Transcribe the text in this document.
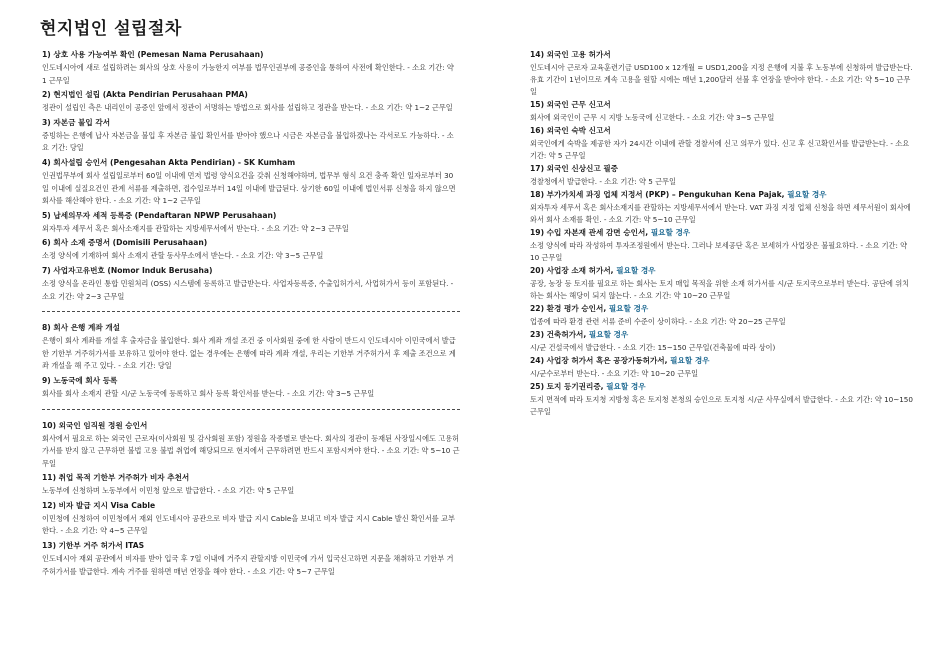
현지법인 설립절차
1) 상호 사용 가능여부 확인 (Pemesan Nama Perusahaan)

인도네시아에 새로 설립하려는 회사의 상호 사용이 가능한지 여부를 법무인권부에 공증인을 통하여 사전에 확인한다. - 소요 기간: 약 1 근무일

2) 현지법인 설립 (Akta Pendirian Perusahaan PMA)

정관이 설립인 측은 내리인이 공증인 앞에서 정관이 서명하는 방법으로 회사를 설립하고 정관을 받는다. - 소요 기간: 약 1~2 근무일

3) 자본금 불입 각서

증빙하는 은행에 납사 자본금을 불입 후 자본금 불입 확인서를 받아야 했으나 시금은 자본금을 불입하겠나는 각서로도 가능하다. - 소요 기간: 당일

4) 회사설립 승인서 (Pengesahan Akta Pendirian) - SK Kumham

인권법무부에 회사 설립일로부터 60일 이내에 먼저 법령 양식요건을 갖춰 신청해야하며, 법무부 형식 요건 충족 확인 일자로부터 30일 이내에 실질요건인 관계 서류를 제출하면, 접수일로부터 14일 이내에 발급된다. 상기한 60일 이내에 법인서류 신청을 하지 않으면 회사를 해산해야 한다. - 소요 기간: 약 1~2 근무일

5) 납세의무자 세적 등록증 (Pendaftaran NPWP Perusahaan)

외자투자 세무서 혹은 회사소재지를 관할하는 지방세무서에서 받는다. - 소요 기간: 약 2~3 근무일

6) 회사 소재 증명서 (Domisili Perusahaan)

소정 양식에 기재하여 회사 소재지 관할 동사무소에서 받는다. - 소요 기간: 약 3~5 근무일

7) 사업자고유번호 (Nomor Induk Berusaha)

소정 양식을 온라인 통합 민원처리 (OSS) 시스템에 등록하고 발급받는다. 사업자등록증, 수출입허가서, 사업허가서 등이 포함된다. - 소요 기간: 약 2~3 근무일

8) 회사 은행 계좌 개설

은행이 회사 계좌를 개설 후 출자금을 불입한다. 회사 계좌 개설 조건 중 이사회원 중에 한 사람이 반드시 인도네시아 이민국에서 발급한 기한부 거주허가서를 보유하고 있어야 한다. 없는 경우에는 은행에 따라 계좌 개설, 우리는 기한부 거주허가서 후 제출 조건으로 계좌 개설을 해 주고 있다. - 소요 기간: 당일

9) 노동국에 회사 등록

회사를 회사 소재지 관할 시/군 노동국에 등록하고 회사 등록 확인서를 받는다. - 소요 기간: 약 3~5 근무일

10) 외국인 임직원 정원 승인서

회사에서 필요로 하는 외국인 근로자(이사회원 및 감사회원 포함) 정원을 작종별로 받는다. 회사의 정관이 등재된 사장일시에도 고용허가서를 받지 않고 근무하면 불법 고용 불법 취업에 해당되므로 현지에서 근무하려면 반드시 포함시켜야 한다. - 소요 기간: 약 5~10 근무일

11) 취업 목적 기한부 거주허가 비자 추천서

노동부에 신청하며 노동부에서 이민청 앞으로 발급한다. - 소요 기간: 약 5 근무일

12) 비자 발급 지시 Visa Cable

이민청에 신청하여 이민청에서 재외 인도네시아 공관으로 비자 발급 지시 Cable을 보내고 비자 발급 지시 Cable 발신 확인서를 교부한다. - 소요 기간: 약 4~5 근무일

13) 기한부 거주 허가서 ITAS

인도네시아 재외 공관에서 비자를 받아 입국 후 7일 이내에 거주지 관할지방 이민국에 가서 입국신고하면 지문을 채취하고 기한부 거주허가서를 발급한다. 계속 거주를 원하면 매년 연장을 해야 한다. - 소요 기간: 약 5~7 근무일

14) 외국인 고용 허가서

인도네시아 근로자 교육훈련기금 USD100 x 12개월 = USD1,200을 지정 은행에 지불 후 노동부에 신청하여 발급받는다. 유효 기간이 1년이므로 계속 고용을 원할 시에는 매년 1,200달러 선불 후 연장을 받아야 한다. - 소요 기간: 약 5~10 근무일

15) 외국인 근무 신고서

회사에 외국인이 근무 시 지방 노동국에 신고한다. - 소요 기간: 약 3~5 근무일

16) 외국인 숙박 신고서

외국인에게 숙박을 제공한 자가 24시간 이내에 관할 경찰서에 신고 의무가 있다. 신고 후 신고확인서를 발급받는다. - 소요 기간: 약 5 근무일

17) 외국인 신상신고 필증

경찰청에서 발급한다. - 소요 기간: 약 5 근무일

18) 부가가치세 과징 업체 지정서 (PKP) – Pengukuhan Kena Pajak, 필요할 경우

외자투자 세무서 혹은 회사소재지를 관할하는 지방세무서에서 받는다. VAT 과징 지정 업체 신청을 하면 세무서원이 회사에 와서 회사 소재를 확인. - 소요 기간: 약 5~10 근무일

19) 수입 자본재 관세 감면 승인서, 필요할 경우

소정 양식에 따라 작성하여 투자조정원에서 받는다. 그러나 보세공단 혹은 보세허가 사업장은 불필요하다. - 소요 기간: 약 10 근무일

20) 사업장 소재 허가서, 필요할 경우

공장, 농장 등 토지를 필요로 하는 회사는 토지 매입 목적을 위한 소재 허가서를 시/군 토지국으로부터 받는다. 공단에 위치하는 회사는 해당이 되지 않는다. - 소요 기간: 약 10~20 근무일

22) 환경 평가 승인서, 필요할 경우

업종에 따라 환경 관련 서류 준비 수준이 상이하다. - 소요 기간: 약 20~25 근무일

23) 건축허가서, 필요할 경우

시/군 건설국에서 발급한다. - 소요 기간: 15~150 근무일(건축물에 따라 상이)

24) 사업장 허가서 혹은 공장가동허가서, 필요할 경우

시/군수로부터 받는다. - 소요 기간: 약 10~20 근무일

25) 토지 등기권리증, 필요할 경우

토지 면적에 따라 토지청 지방청 혹은 토지청 본청의 승인으로 토지청 시/군 사무실에서 발급한다. - 소요 기간: 약 10~150 근무일
